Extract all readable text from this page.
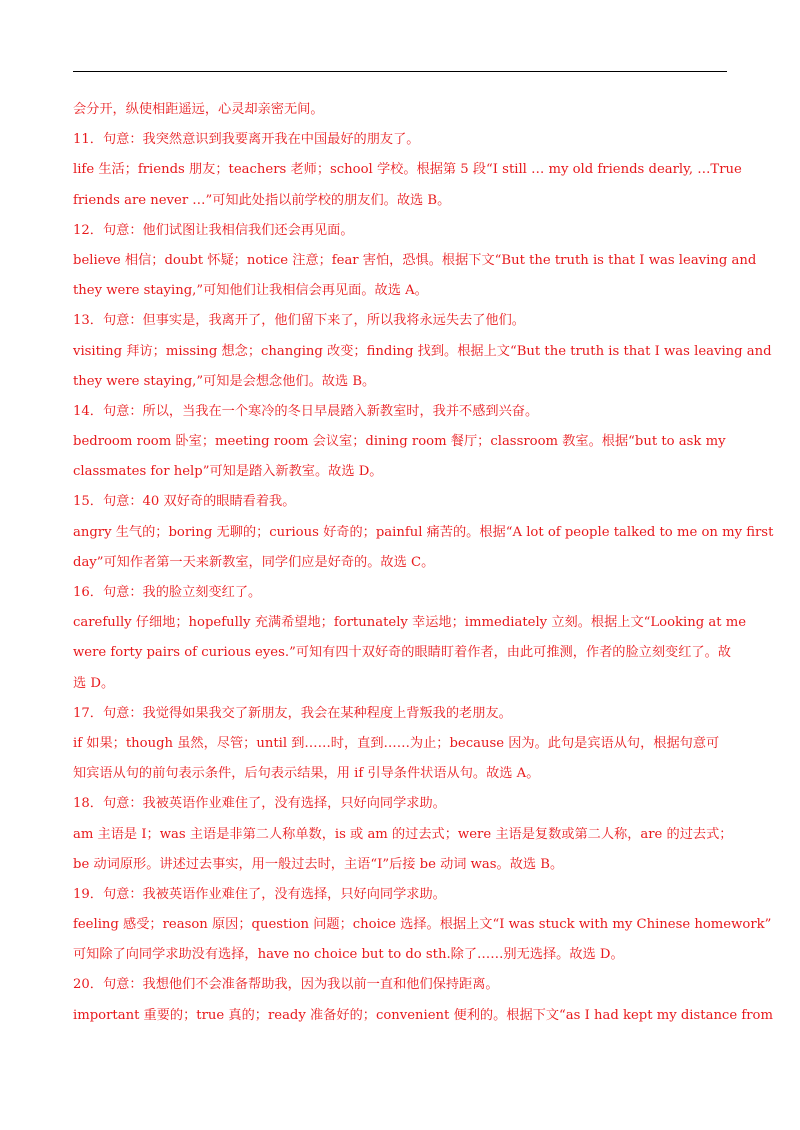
会分开，纵使相距遥远，心灵却亲密无间。
11．句意：我突然意识到我要离开我在中国最好的朋友了。
life 生活；friends 朋友；teachers 老师；school 学校。根据第 5 段“I still … my old friends dearly, …True
friends are never …”可知此处指以前学校的朋友们。故选 B。
12．句意：他们试图让我相信我们还会再见面。
believe 相信；doubt 怀疑；notice 注意；fear 害怕，恐惧。根据下文“But the truth is that I was leaving and
they were staying,”可知他们让我相信会再见面。故选 A。
13．句意：但事实是，我离开了，他们留下来了，所以我将永远失去了他们。
visiting 拜访；missing 想念；changing 改变；finding 找到。根据上文“But the truth is that I was leaving and
they were staying,”可知是会想念他们。故选 B。
14．句意：所以，当我在一个寒冷的冬日早晨踏入新教室时，我并不感到兴奋。
bedroom room 卧室；meeting room 会议室；dining room 餐厅；classroom 教室。根据“but to ask my
classmates for help”可知是踏入新教室。故选 D。
15．句意：40 双好奇的眼睛看着我。
angry 生气的；boring 无聊的；curious 好奇的；painful 痛苦的。根据“A lot of people talked to me on my first
day”可知作者第一天来新教室，同学们应是好奇的。故选 C。
16．句意：我的脸立刻变红了。
carefully 仔细地；hopefully 充满希望地；fortunately 幸运地；immediately 立刻。根据上文“Looking at me
were forty pairs of curious eyes.”可知有四十双好奇的眼睛盯着作者，由此可推测，作者的脸立刻变红了。故
选 D。
17．句意：我觉得如果我交了新朋友，我会在某种程度上背叛我的老朋友。
if 如果；though 虽然，尽管；until 到……时，直到……为止；because 因为。此句是宾语从句，根据句意可
知宾语从句的前句表示条件，后句表示结果，用 if 引导条件状语从句。故选 A。
18．句意：我被英语作业难住了，没有选择，只好向同学求助。
am 主语是 I；was 主语是非第二人称单数，is 或 am 的过去式；were 主语是复数或第二人称，are 的过去式；
be 动词原形。讲述过去事实，用一般过去时，主语“I”后接 be 动词 was。故选 B。
19．句意：我被英语作业难住了，没有选择，只好向同学求助。
feeling 感受；reason 原因；question 问题；choice 选择。根据上文“I was stuck with my Chinese homework”
可知除了向同学求助没有选择，have no choice but to do sth.除了……别无选择。故选 D。
20．句意：我想他们不会准备帮助我，因为我以前一直和他们保持距离。
important 重要的；true 真的；ready 准备好的；convenient 便利的。根据下文“as I had kept my distance from
